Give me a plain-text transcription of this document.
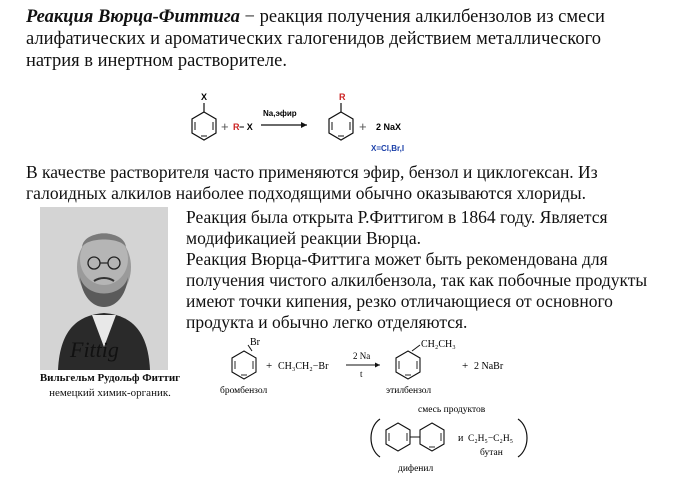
Реакция Вюрца-Фиттига − реакция получения алкилбензолов из смеси алифатических и ароматических галогенидов действием металлического натрия в инертном растворителе.
X
+ R − X
Na,эфир
R
+ 2 NaX
X=Cl,Br,I
В качестве растворителя часто применяются эфир, бензол и циклогексан. Из галоидных алкилов наиболее подходящими обычно оказываются хлориды.
Fittig
Вильгельм Рудольф Фиттиг
немецкий химик-органик.
Реакция была открыта Р.Фиттигом в 1864 году. Является модификацией реакции Вюрца.
Реакция Вюрца-Фиттига может быть рекомендована для получения чистого алкилбензола, так как побочные продукты имеют точки кипения, резко отличающиеся от основного продукта и обычно легко отделяются.
Br
+ CH₃CH₂−Br
2 Na
t
CH₂CH₃
+ 2 NaBr
бромбензол	этилбензол
смесь продуктов
и C₂H₅−C₂H₅
бутан
дифенил
